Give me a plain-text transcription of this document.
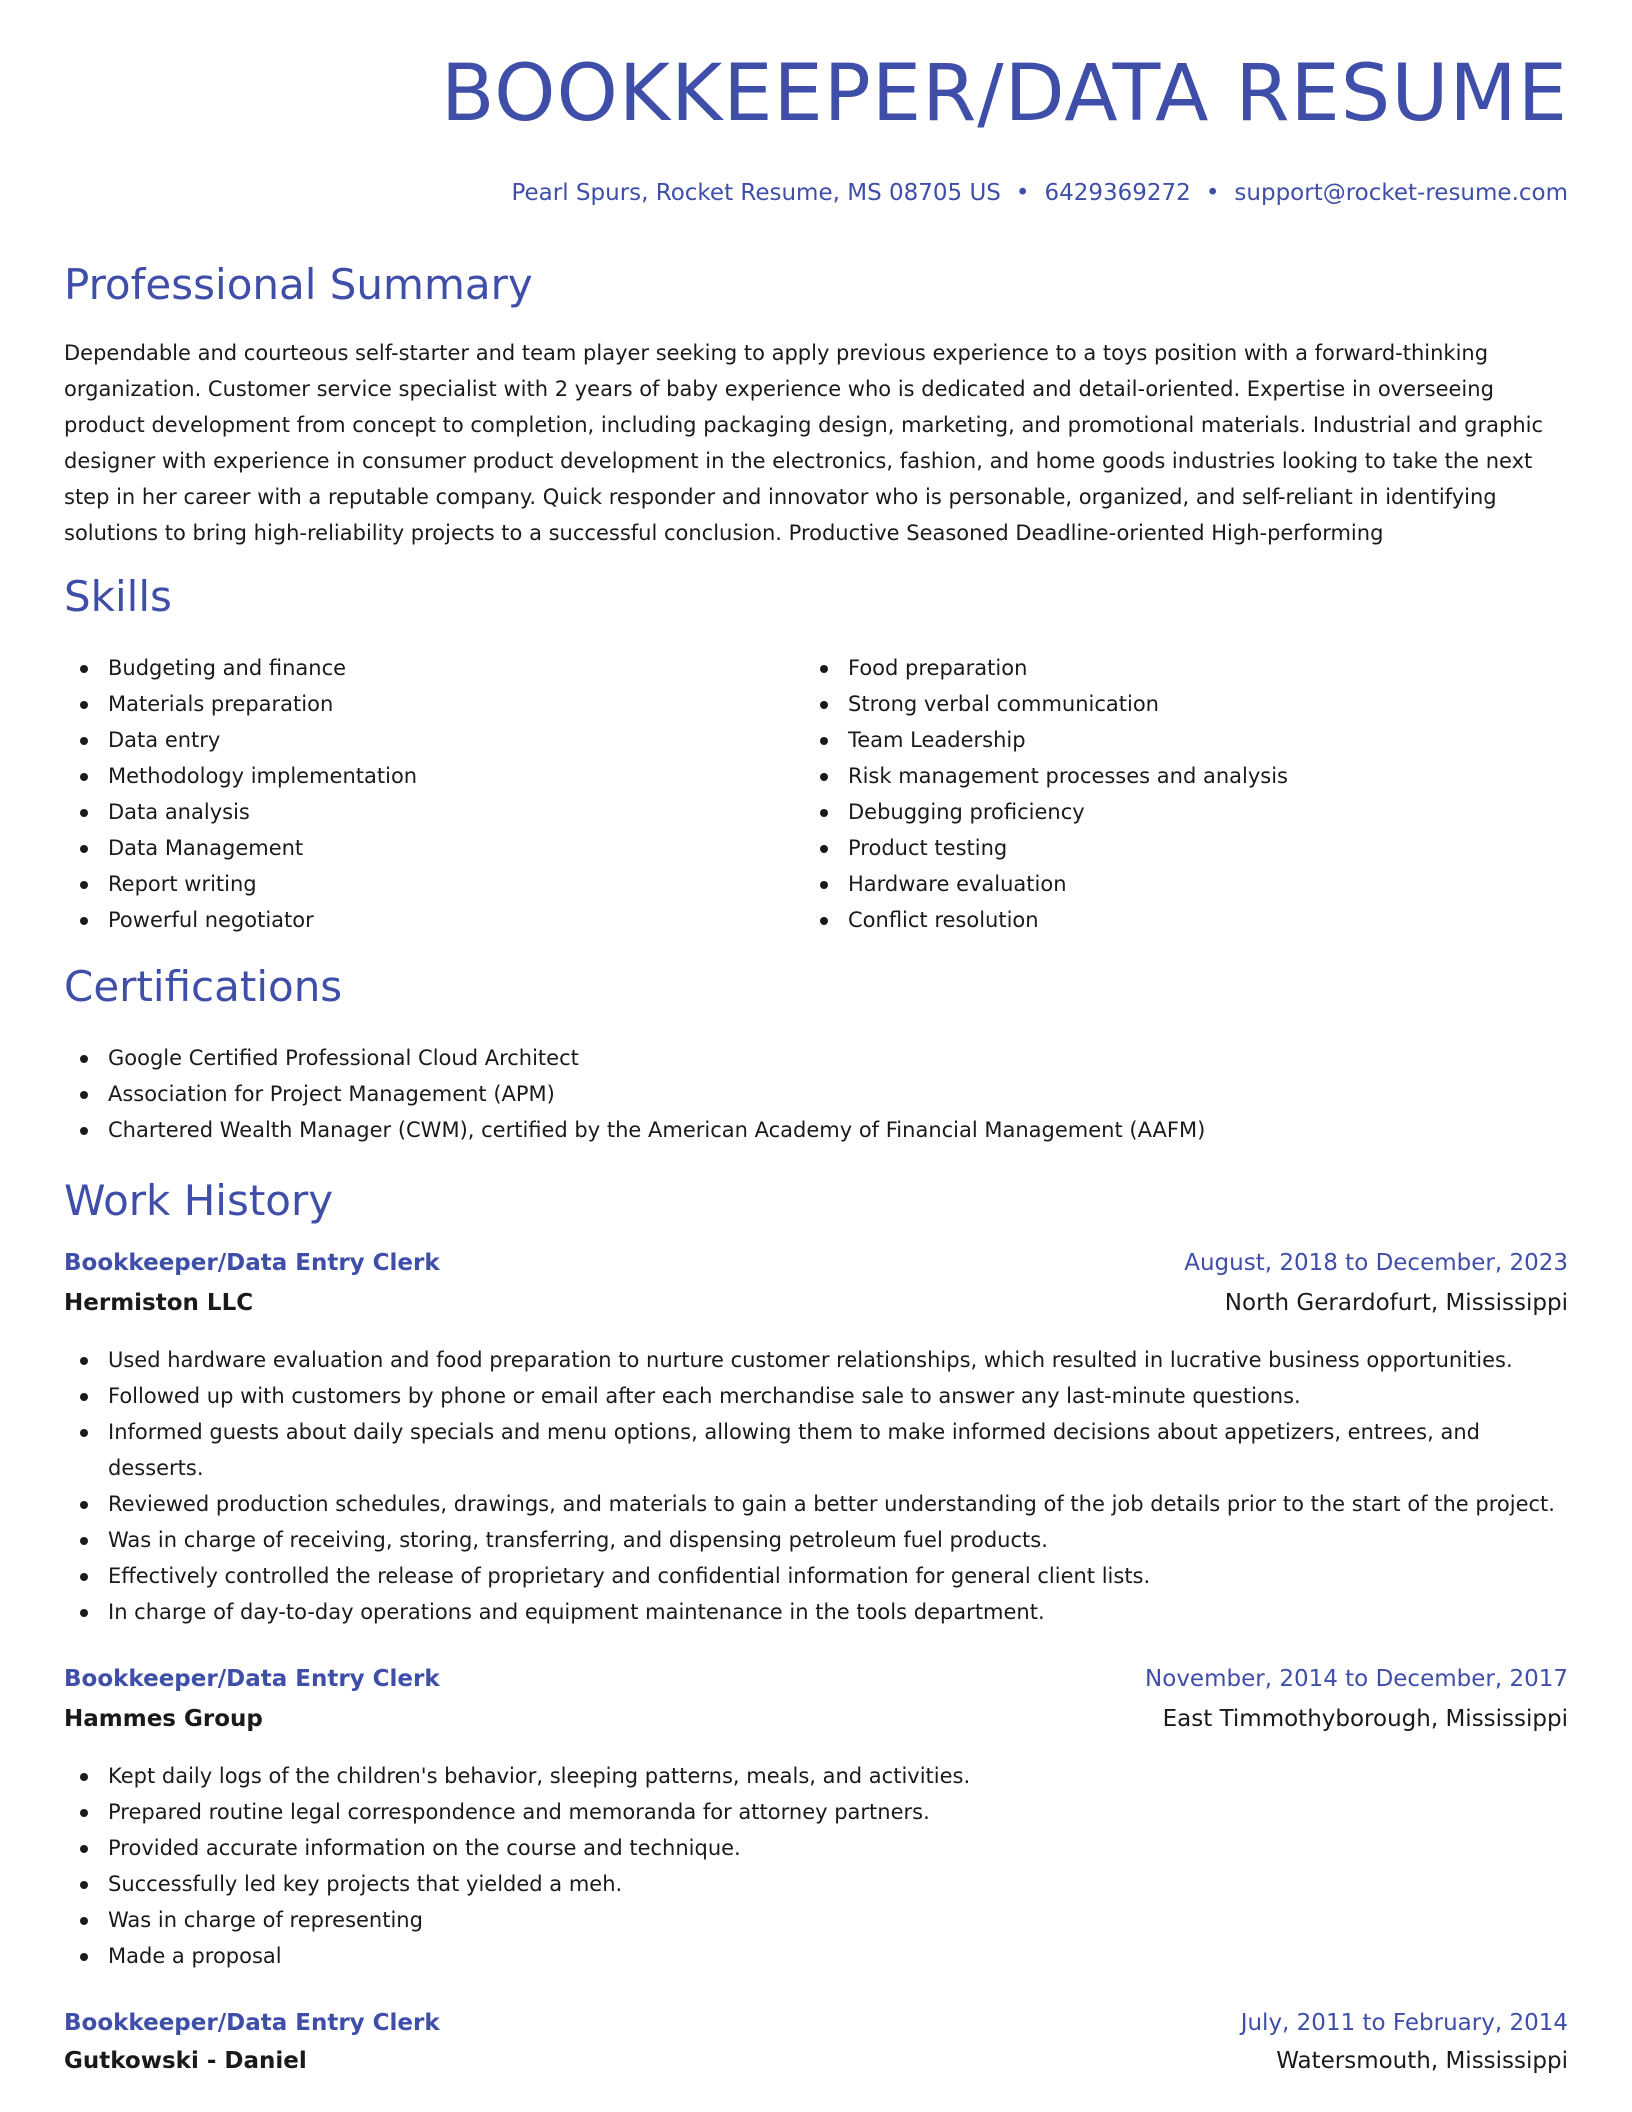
BOOKKEEPER/DATA RESUME
Pearl Spurs, Rocket Resume, MS 08705 US • 6429369272 • support@rocket-resume.com
Professional Summary

Dependable and courteous self-starter and team player seeking to apply previous experience to a toys position with a forward-thinking organization. Customer service specialist with 2 years of baby experience who is dedicated and detail-oriented. Expertise in overseeing product development from concept to completion, including packaging design, marketing, and promotional materials. Industrial and graphic designer with experience in consumer product development in the electronics, fashion, and home goods industries looking to take the next step in her career with a reputable company. Quick responder and innovator who is personable, organized, and self-reliant in identifying solutions to bring high-reliability projects to a successful conclusion. Productive Seasoned Deadline-oriented High-performing

Skills
Budgeting and finance
Materials preparation
Data entry
Methodology implementation
Data analysis
Data Management
Report writing
Powerful negotiator
Food preparation
Strong verbal communication
Team Leadership
Risk management processes and analysis
Debugging proficiency
Product testing
Hardware evaluation
Conflict resolution
Certifications
Google Certified Professional Cloud Architect
Association for Project Management (APM)
Chartered Wealth Manager (CWM), certified by the American Academy of Financial Management (AAFM)
Work History
Bookkeeper/Data Entry Clerk	August, 2018 to December, 2023
Hermiston LLC	North Gerardofurt, Mississippi
Used hardware evaluation and food preparation to nurture customer relationships, which resulted in lucrative business opportunities.
Followed up with customers by phone or email after each merchandise sale to answer any last-minute questions.
Informed guests about daily specials and menu options, allowing them to make informed decisions about appetizers, entrees, and desserts.
Reviewed production schedules, drawings, and materials to gain a better understanding of the job details prior to the start of the project.
Was in charge of receiving, storing, transferring, and dispensing petroleum fuel products.
Effectively controlled the release of proprietary and confidential information for general client lists.
In charge of day-to-day operations and equipment maintenance in the tools department.
Bookkeeper/Data Entry Clerk	November, 2014 to December, 2017
Hammes Group	East Timmothyborough, Mississippi
Kept daily logs of the children's behavior, sleeping patterns, meals, and activities.
Prepared routine legal correspondence and memoranda for attorney partners.
Provided accurate information on the course and technique.
Successfully led key projects that yielded a meh.
Was in charge of representing
Made a proposal
Bookkeeper/Data Entry Clerk	July, 2011 to February, 2014
Gutkowski - Daniel	Watersmouth, Mississippi
